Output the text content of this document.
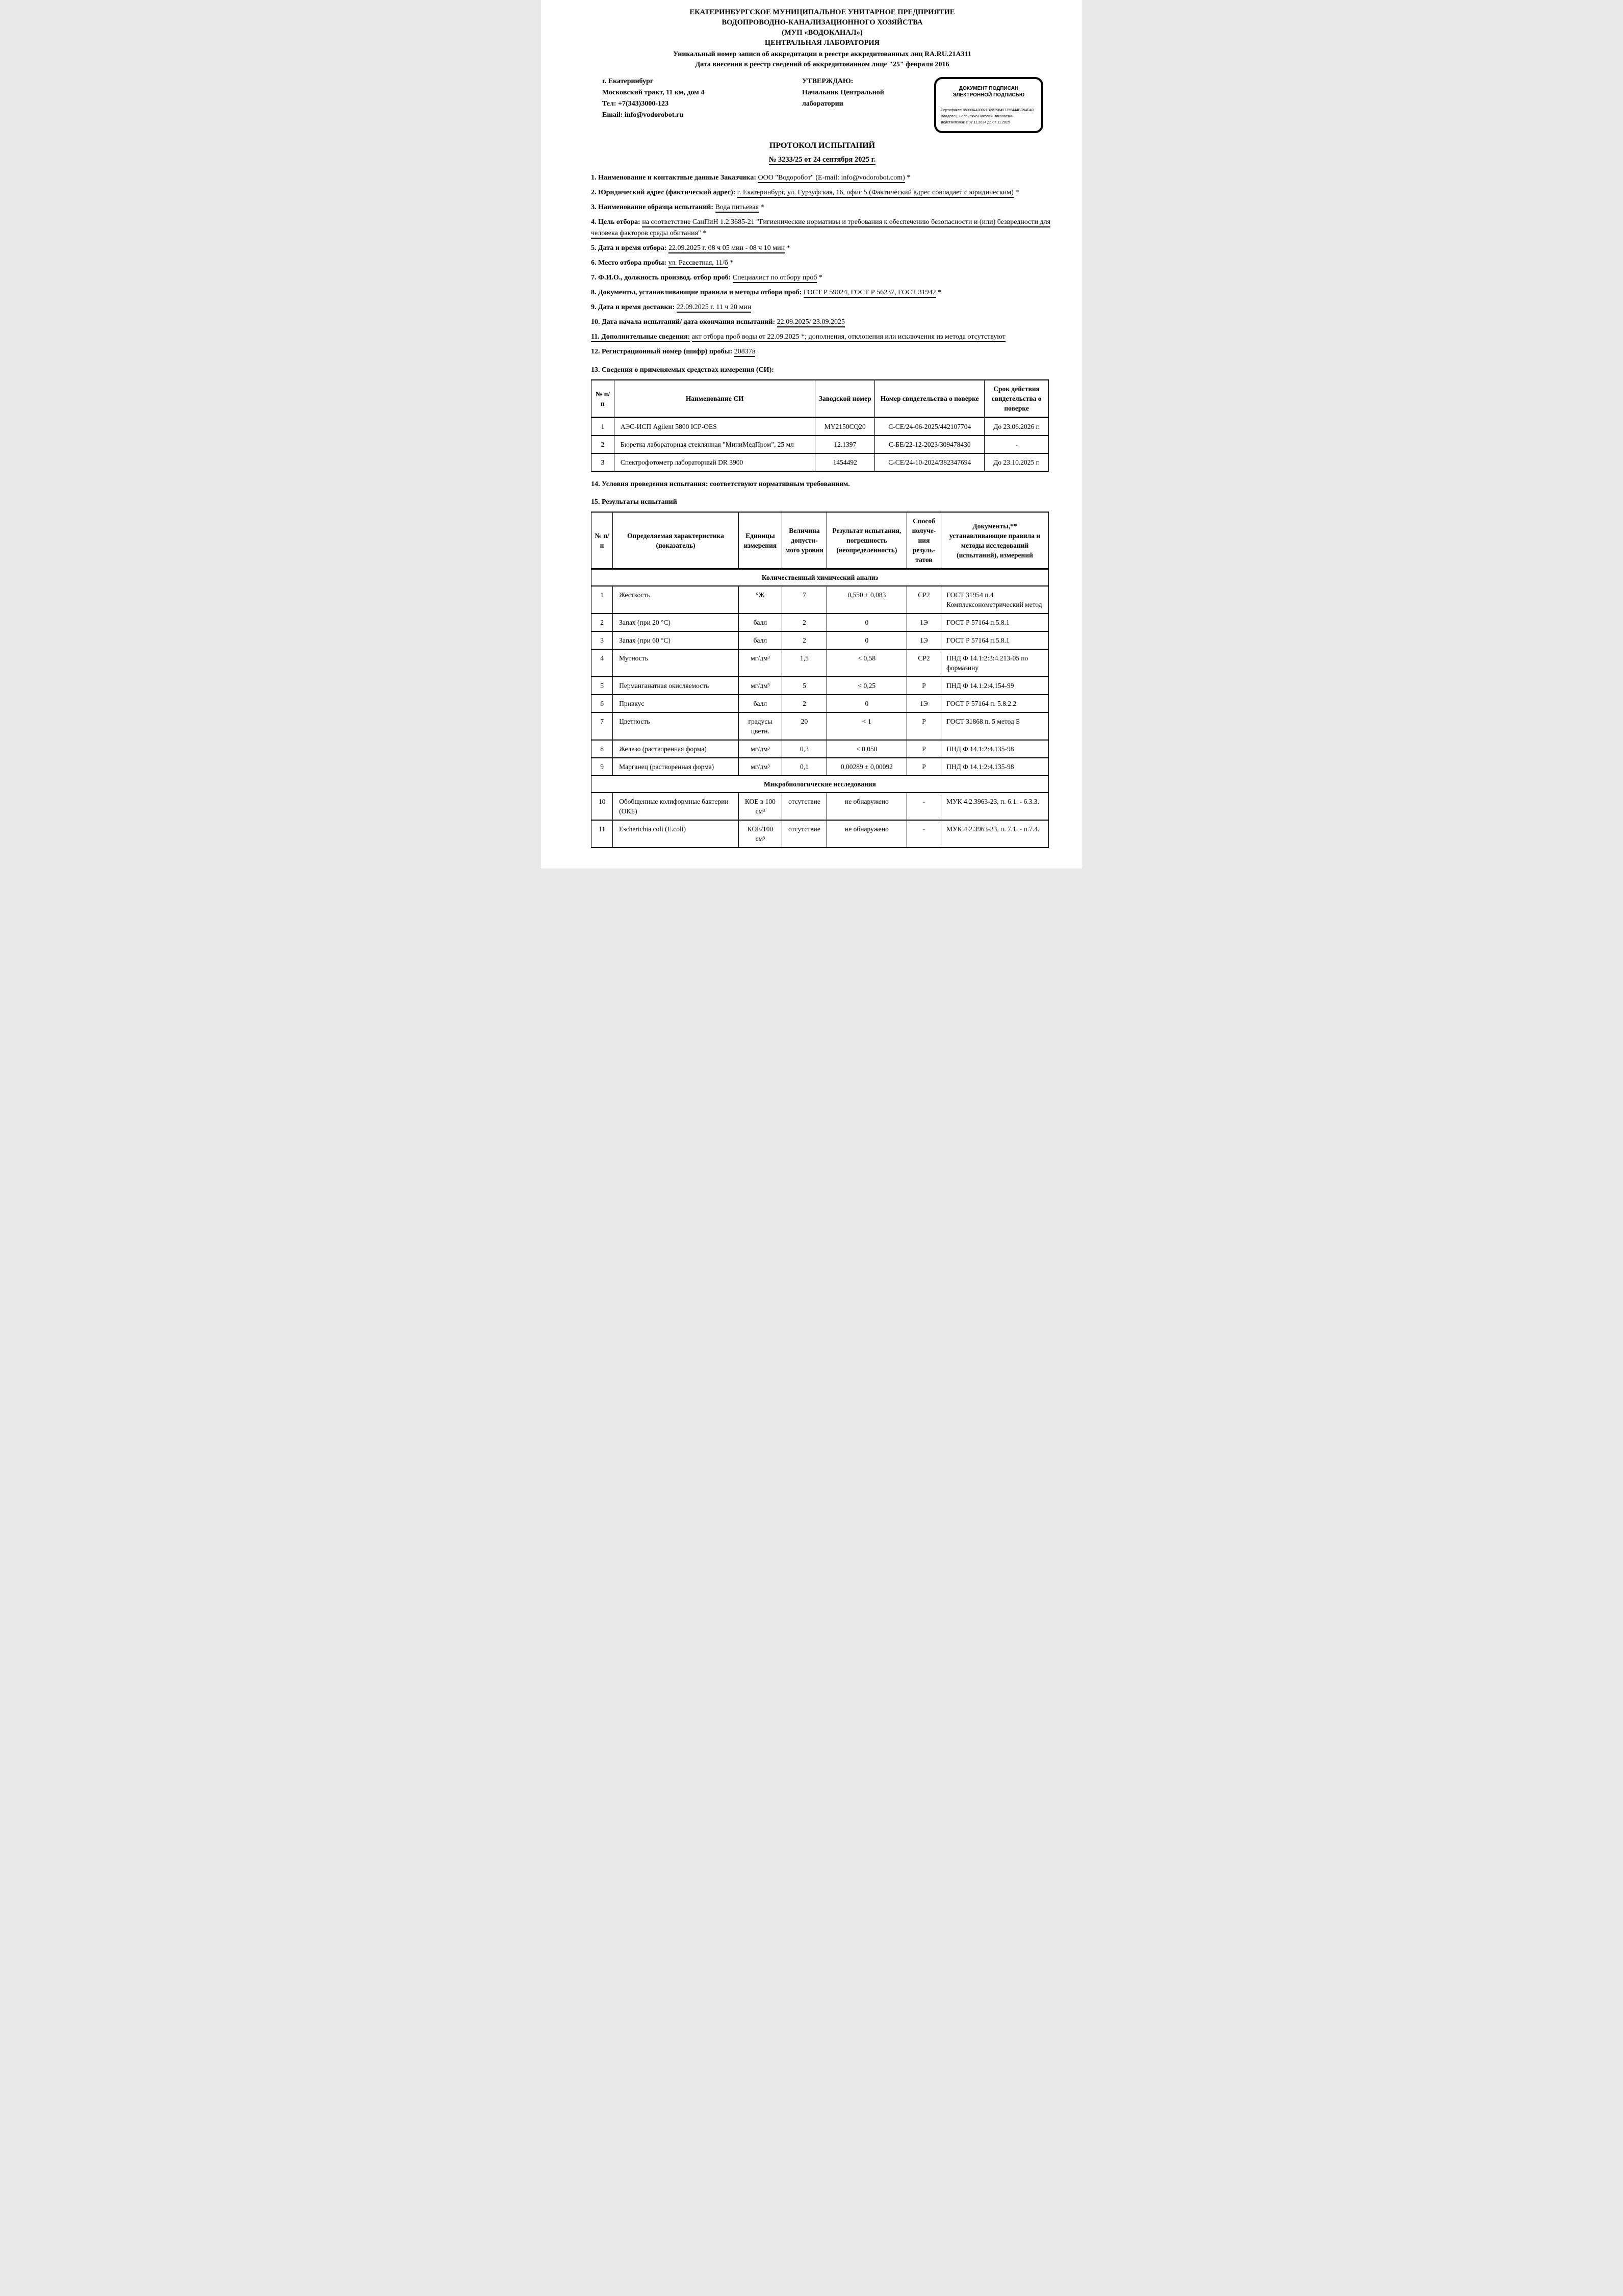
ЕКАТЕРИНБУРГСКОЕ МУНИЦИПАЛЬНОЕ УНИТАРНОЕ ПРЕДПРИЯТИЕ
ВОДОПРОВОДНО-КАНАЛИЗАЦИОННОГО ХОЗЯЙСТВА
(МУП «ВОДОКАНАЛ»)
ЦЕНТРАЛЬНАЯ ЛАБОРАТОРИЯ
Уникальный номер записи об аккредитации в реестре аккредитованных лиц RA.RU.21А311
Дата внесения в реестр сведений об аккредитованном лице "25" февраля 2016
г. Екатеринбург
Московский тракт, 11 км, дом 4
Тел: +7(343)3000-123
Email: info@vodorobot.ru
УТВЕРЖДАЮ:
Начальник Центральной лаборатории
ДОКУМЕНТ ПОДПИСАН
ЭЛЕКТРОННОЙ ПОДПИСЬЮ
Сертификат: 05999AA00021B2B298497755444BC54D40
Владелец: Белоножко Николай Николаевич
Действителен: с 07.11.2024 до 07.11.2025
ПРОТОКОЛ ИСПЫТАНИЙ
№ 3233/25 от 24 сентября 2025 г.

1. Наименование и контактные данные Заказчика: ООО "Водоробот" (E-mail: info@vodorobot.com) *

2. Юридический адрес (фактический адрес): г. Екатеринбург, ул. Гурзуфская, 16, офис 5 (Фактический адрес совпадает с юридическим) *

3. Наименование образца испытаний: Вода питьевая *

4. Цель отбора: на соответствие СанПиН 1.2.3685-21 "Гигиенические нормативы и требования к обеспечению безопасности и (или) безвредности для человека факторов среды обитания" *

5. Дата и время отбора: 22.09.2025 г. 08 ч 05 мин - 08 ч 10 мин *

6. Место отбора пробы: ул. Рассветная, 11/б *

7. Ф.И.О., должность производ. отбор проб: Специалист по отбору проб *

8. Документы, устанавливающие правила и методы отбора проб: ГОСТ Р 59024, ГОСТ Р 56237, ГОСТ 31942 *

9. Дата и время доставки: 22.09.2025 г. 11 ч 20 мин

10. Дата начала испытаний/ дата окончания испытаний: 22.09.2025/ 23.09.2025

11. Дополнительные сведения: акт отбора проб воды от 22.09.2025 *; дополнения, отклонения или исключения из метода отсутствуют

12. Регистрационный номер (шифр) пробы: 20837в

13. Сведения о применяемых средствах измерения (СИ):
№ п/п	Наименование СИ	Заводской номер	Номер свидетельства о поверке	Срок действия свидетельства о поверке
1	АЭС-ИСП Agilent 5800 ICP-OES	MY2150CQ20	С-СЕ/24-06-2025/442107704	До 23.06.2026 г.
2	Бюретка лабораторная стеклянная "МиниМедПром", 25 мл	12.1397	С-БЕ/22-12-2023/309478430	-
3	Спектрофотометр лабораторный DR 3900	1454492	С-СЕ/24-10-2024/382347694	До 23.10.2025 г.
14. Условия проведения испытания: соответствуют нормативным требованиям.
15. Результаты испытаний
№ п/п	Определяемая характеристика (показатель)	Единицы измерения	Величина допустимого уровня	Результат испытания, погрешность (неопределенность)	Способ получения результатов	Документы,** устанавливающие правила и методы исследований (испытаний), измерений
Количественный химический анализ						
1	Жесткость	°Ж	7	0,550 ± 0,083	СР2	ГОСТ 31954 п.4 Комплексонометрический метод
2	Запах (при 20 °С)	балл	2	0	1Э	ГОСТ Р 57164 п.5.8.1
3	Запах (при 60 °С)	балл	2	0	1Э	ГОСТ Р 57164 п.5.8.1
4	Мутность	мг/дм³	1,5	< 0,58	СР2	ПНД Ф 14.1:2:3:4.213-05 по формазину
5	Перманганатная окисляемость	мг/дм³	5	< 0,25	Р	ПНД Ф 14.1:2:4.154-99
6	Привкус	балл	2	0	1Э	ГОСТ Р 57164 п. 5.8.2.2
7	Цветность	градусы цветн.	20	< 1	Р	ГОСТ 31868 п. 5 метод Б
8	Железо (растворенная форма)	мг/дм³	0,3	< 0,050	Р	ПНД Ф 14.1:2:4.135-98
9	Марганец (растворенная форма)	мг/дм³	0,1	0,00289 ± 0,00092	Р	ПНД Ф 14.1:2:4.135-98
Микробиологические исследования						
10	Обобщенные колиформные бактерии (ОКБ)	КОЕ в 100 см³	отсутствие	не обнаружено	-	МУК 4.2.3963-23, п. 6.1. - 6.3.3.
11	Escherichia coli (E.coli)	КОЕ/100 см³	отсутствие	не обнаружено	-	МУК 4.2.3963-23, п. 7.1. - п.7.4.
